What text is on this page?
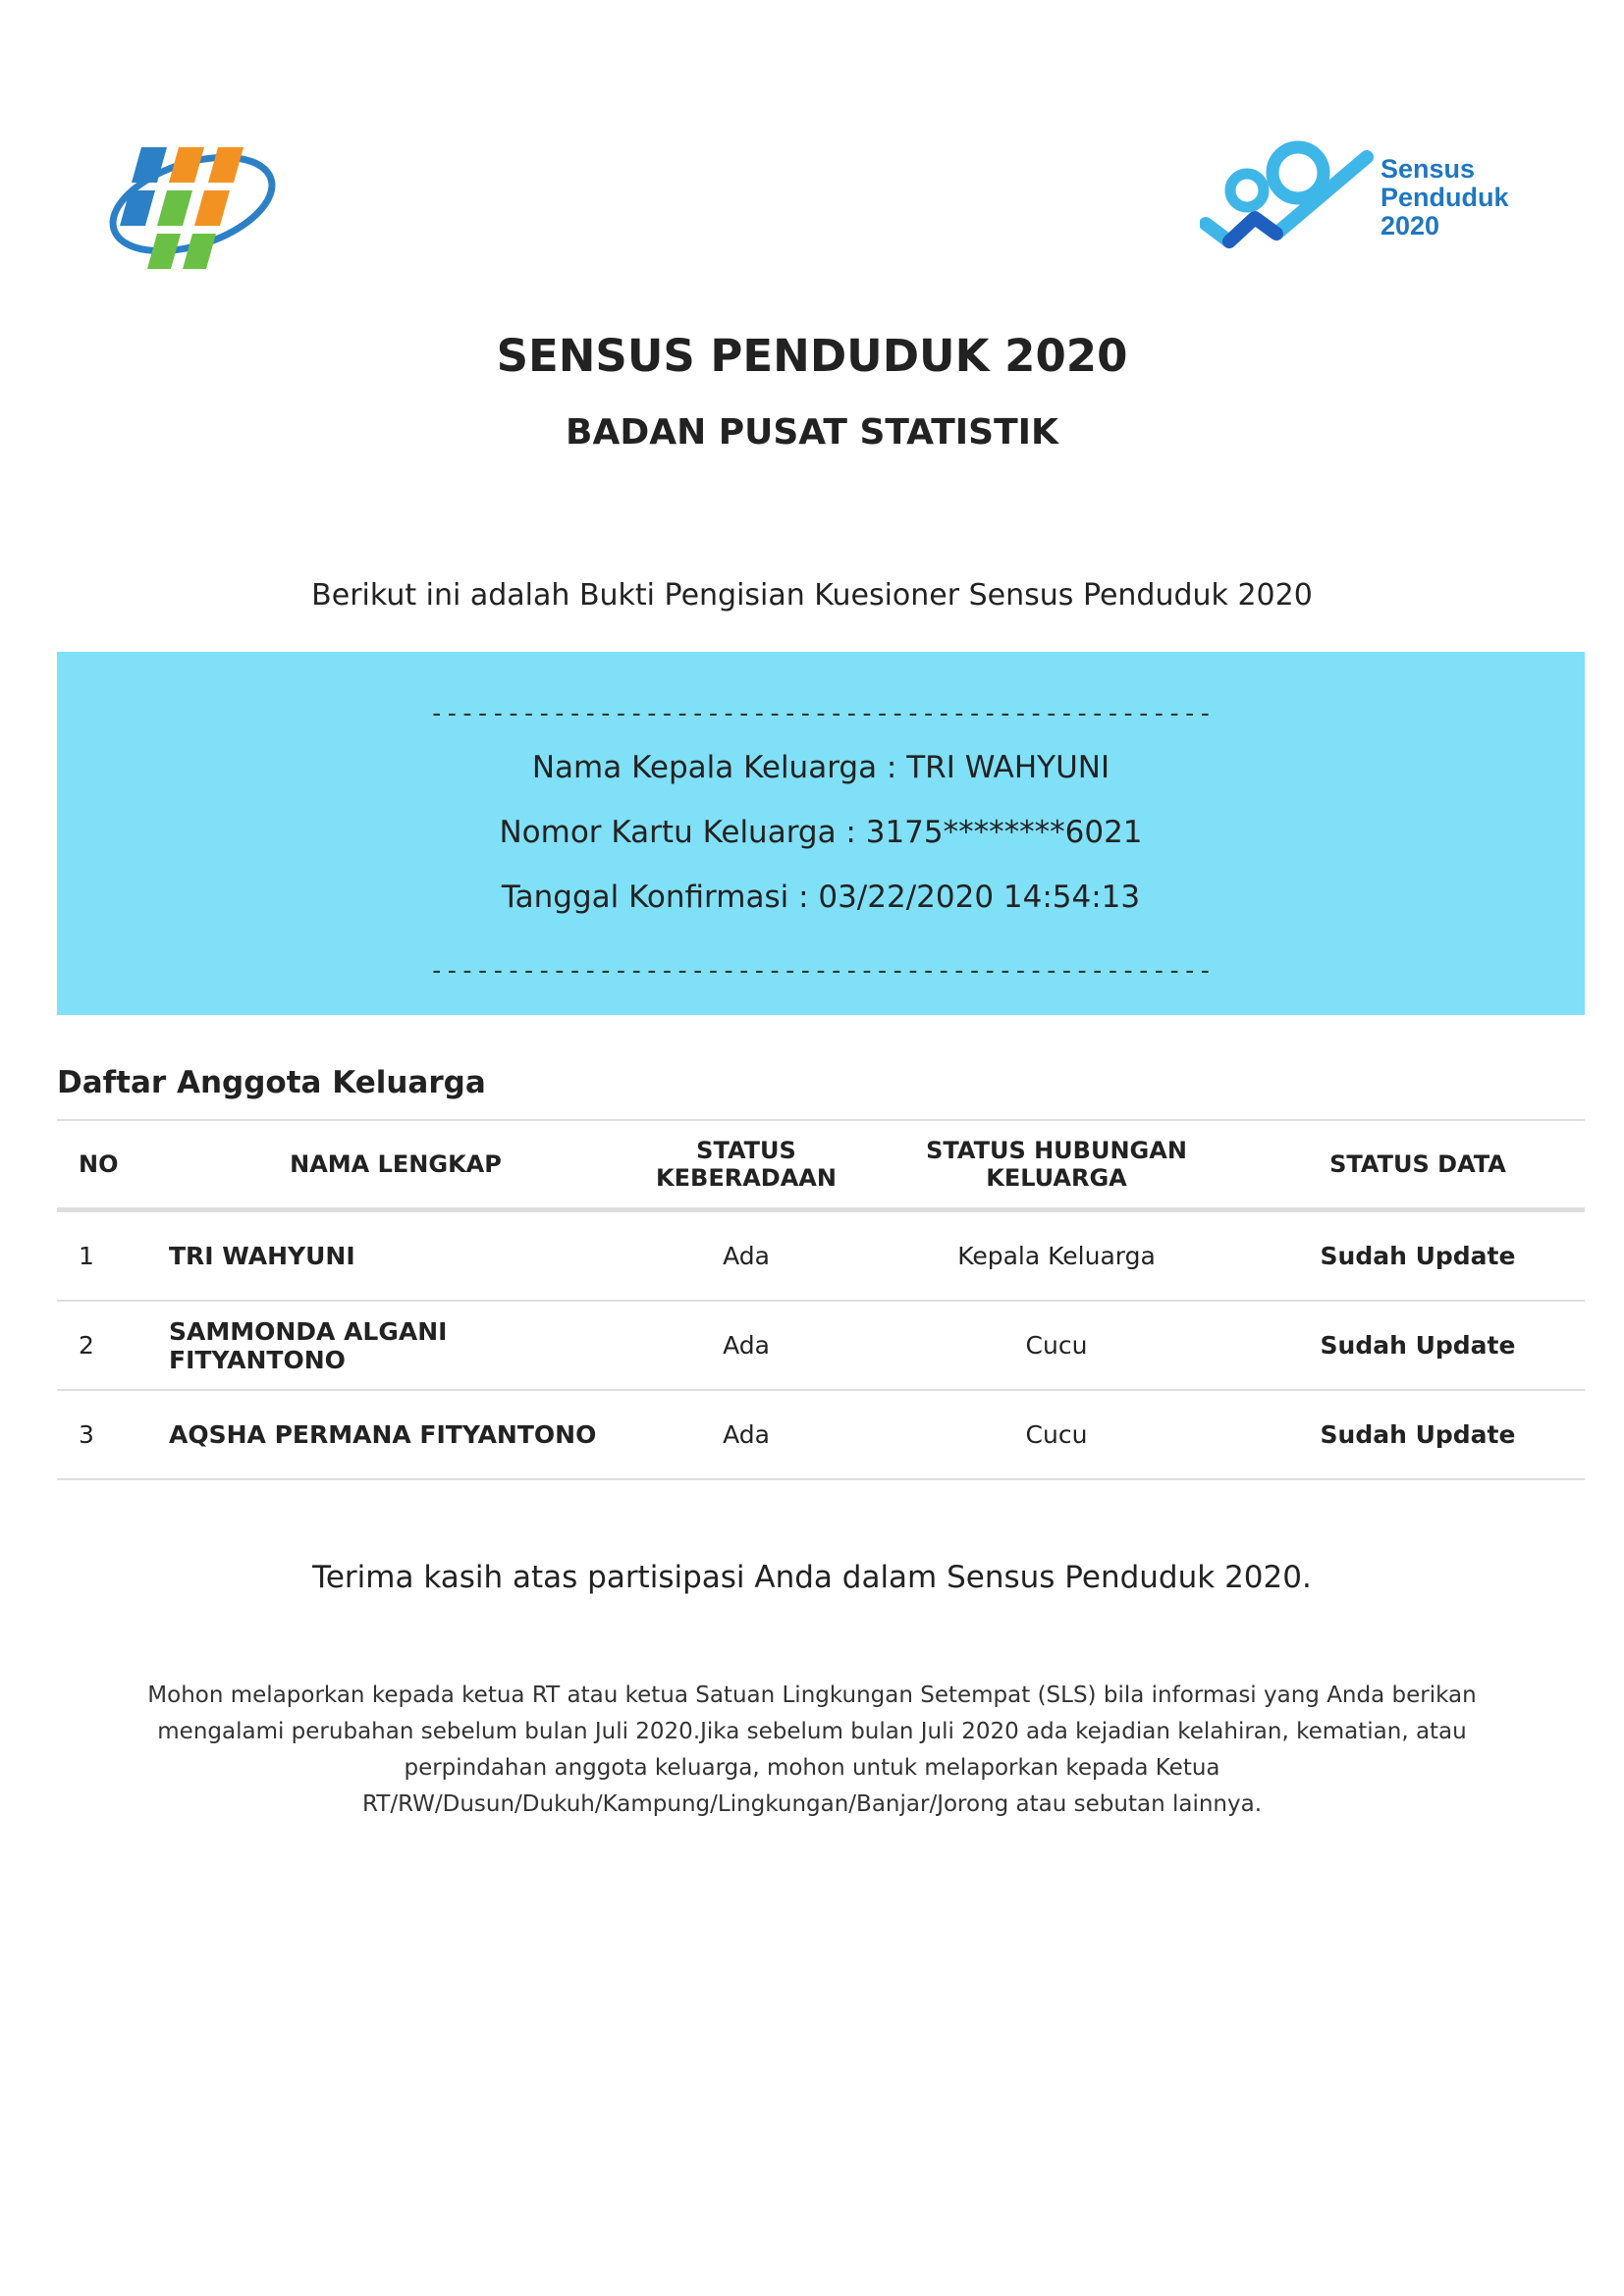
Sensus
Penduduk
2020
SENSUS PENDUDUK 2020
BADAN PUSAT STATISTIK
Berikut ini adalah Bukti Pengisian Kuesioner Sensus Penduduk 2020
---------------------------------------------------
Nama Kepala Keluarga : TRI WAHYUNI
Nomor Kartu Keluarga : 3175********6021
Tanggal Konfirmasi : 03/22/2020 14:54:13
---------------------------------------------------
Daftar Anggota Keluarga
NO	NAMA LENGKAP	STATUS KEBERADAAN	STATUS HUBUNGAN KELUARGA	STATUS DATA
1	TRI WAHYUNI	Ada	Kepala Keluarga	Sudah Update
2	SAMMONDA ALGANI FITYANTONO	Ada	Cucu	Sudah Update
3	AQSHA PERMANA FITYANTONO	Ada	Cucu	Sudah Update
Terima kasih atas partisipasi Anda dalam Sensus Penduduk 2020.
Mohon melaporkan kepada ketua RT atau ketua Satuan Lingkungan Setempat (SLS) bila informasi yang Anda berikan mengalami perubahan sebelum bulan Juli 2020.Jika sebelum bulan Juli 2020 ada kejadian kelahiran, kematian, atau perpindahan anggota keluarga, mohon untuk melaporkan kepada Ketua RT/RW/Dusun/Dukuh/Kampung/Lingkungan/Banjar/Jorong atau sebutan lainnya.
